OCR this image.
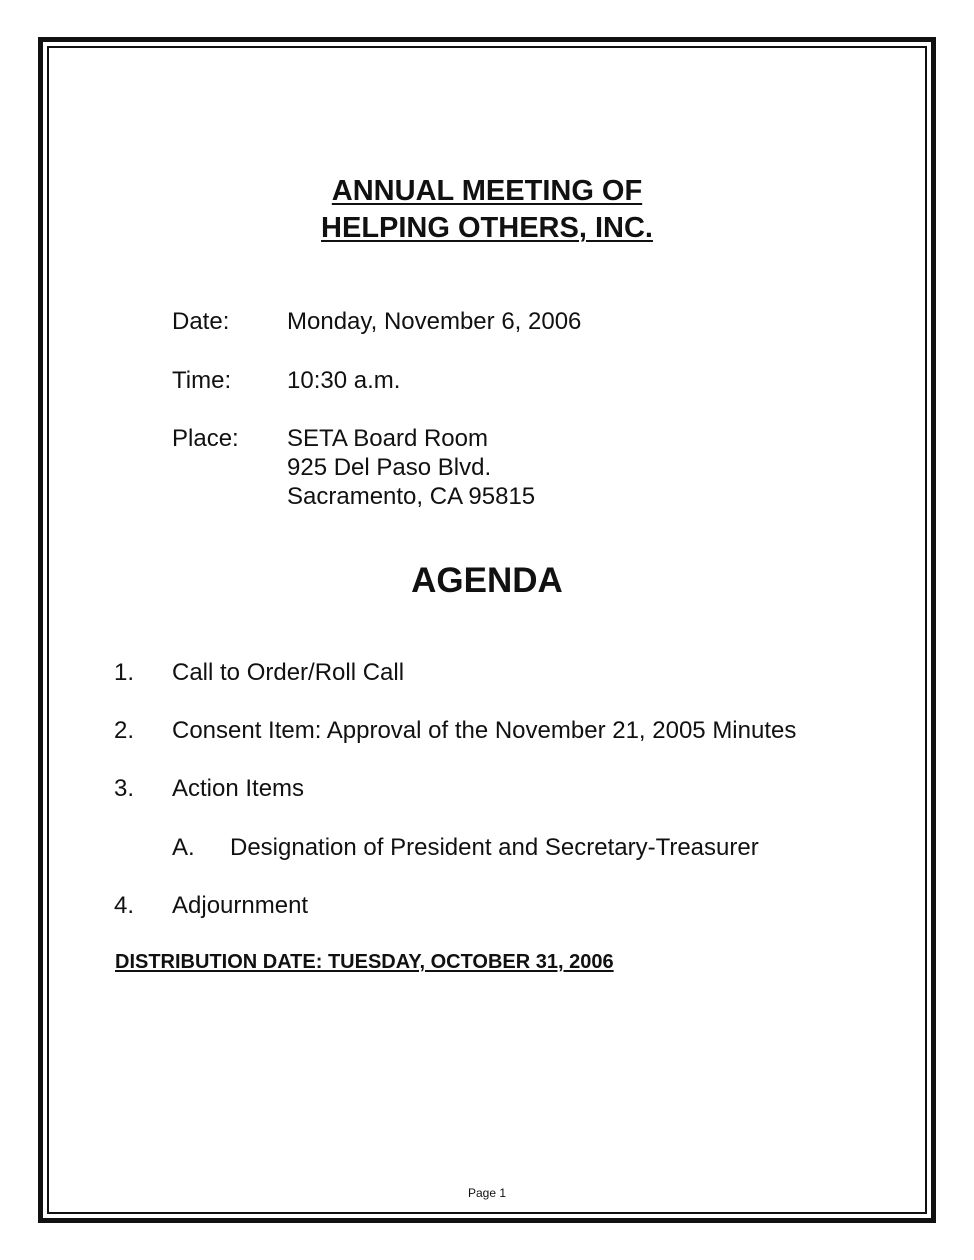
ANNUAL MEETING OF
HELPING OTHERS, INC.
Date: Monday, November 6, 2006
Time: 10:30 a.m.
Place: SETA Board Room
925 Del Paso Blvd.
Sacramento, CA 95815
AGENDA
1. Call to Order/Roll Call
2. Consent Item: Approval of the November 21, 2005 Minutes
3. Action Items
A. Designation of President and Secretary-Treasurer
4. Adjournment
DISTRIBUTION DATE: TUESDAY, OCTOBER 31, 2006
Page 1
